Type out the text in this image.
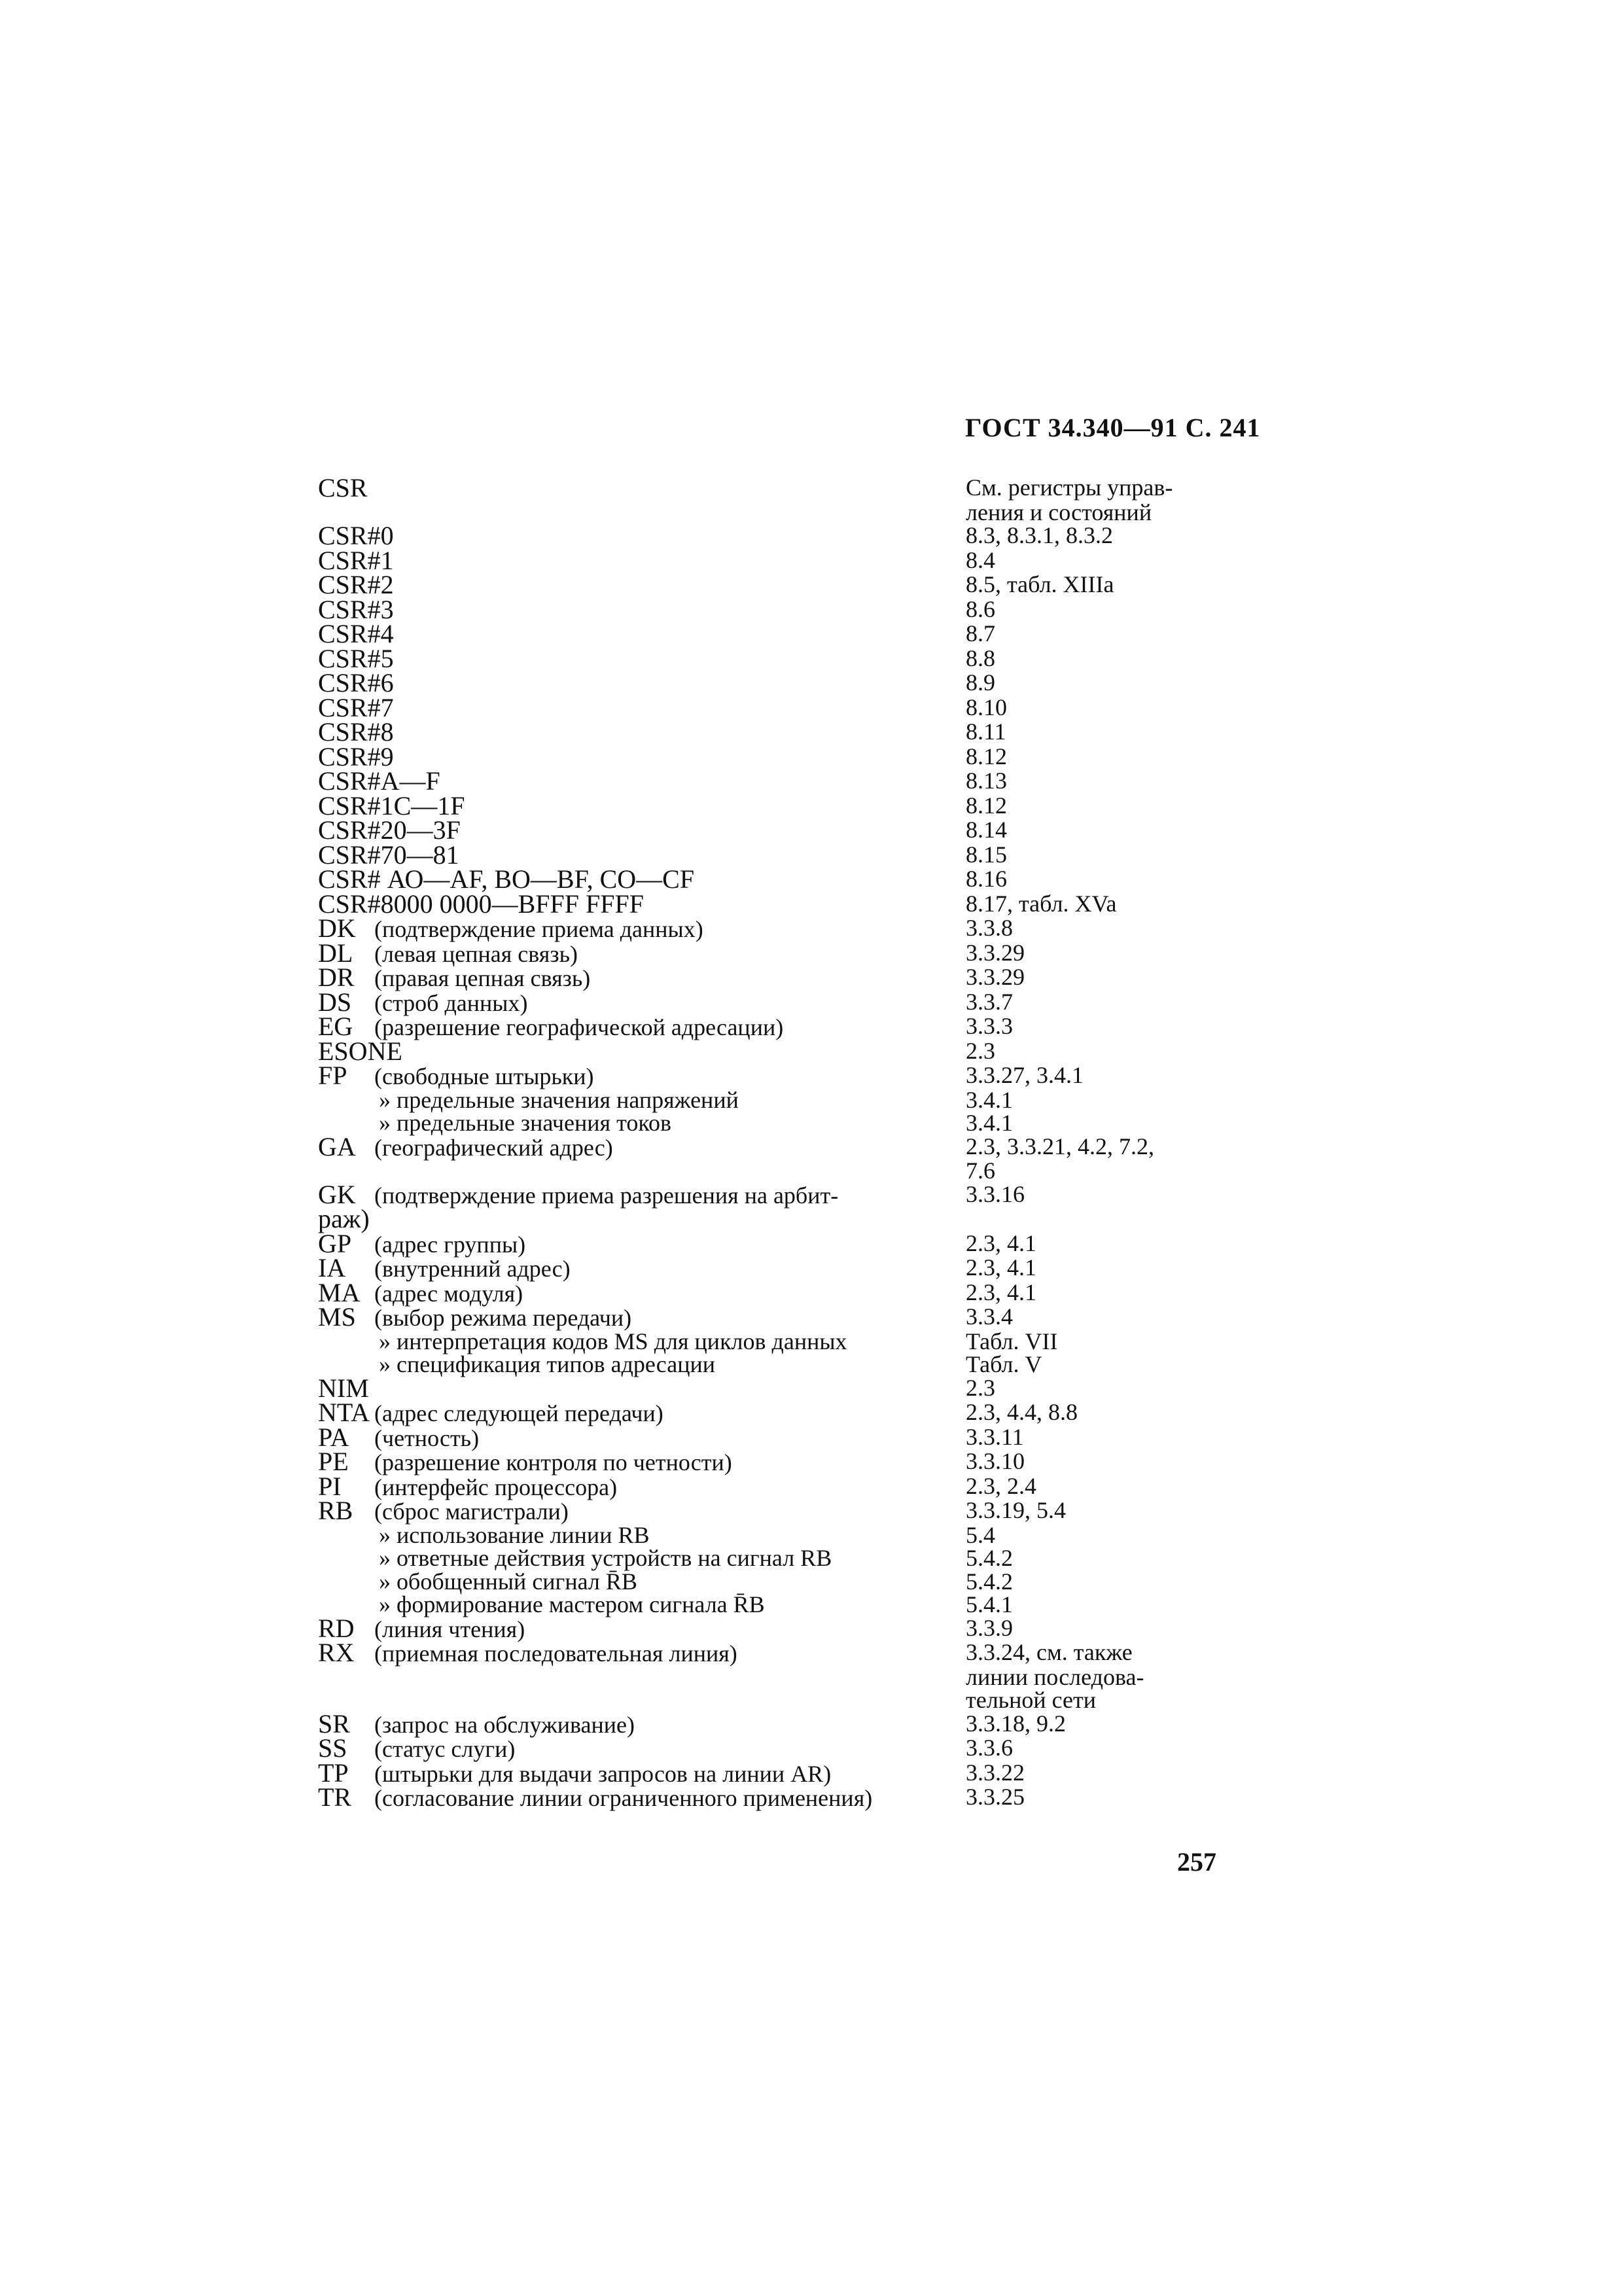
ГОСТ 34.340—91 С. 241
CSR	См. регистры управ-
ления и состояний
CSR#0	8.3, 8.3.1, 8.3.2
CSR#1	8.4
CSR#2	8.5, табл. XIIIа
CSR#3	8.6
CSR#4	8.7
CSR#5	8.8
CSR#6	8.9
CSR#7	8.10
CSR#8	8.11
CSR#9	8.12
CSR#A—F	8.13
CSR#1C—1F	8.12
CSR#20—3F	8.14
CSR#70—81	8.15
CSR# АО—AF, ВО—BF, СО—CF	8.16
CSR#8000 0000—BFFF FFFF	8.17, табл. XVa
DK (подтверждение приема данных)	3.3.8
DL (левая цепная связь)	3.3.29
DR (правая цепная связь)	3.3.29
DS (строб данных)	3.3.7
EG (разрешение географической адресации)	3.3.3
ESONE	2.3
FP (свободные штырьки)	3.3.27, 3.4.1
» предельные значения напряжений	3.4.1
» предельные значения токов	3.4.1
GA (географический адрес)	2.3, 3.3.21, 4.2, 7.2,
7.6
GK (подтверждение приема разрешения на арбит-	3.3.16
раж)
GP (адрес группы)	2.3, 4.1
IA (внутренний адрес)	2.3, 4.1
MA (адрес модуля)	2.3, 4.1
MS (выбор режима передачи)	3.3.4
» интерпретация кодов MS для циклов данных	Табл. VII
» спецификация типов адресации	Табл. V
NIM	2.3
NTA (адрес следующей передачи)	2.3, 4.4, 8.8
PA (четность)	3.3.11
PE (разрешение контроля по четности)	3.3.10
PI (интерфейс процессора)	2.3, 2.4
RB (сброс магистрали)	3.3.19, 5.4
» использование линии RB	5.4
» ответные действия устройств на сигнал RB	5.4.2
» обобщенный сигнал R̄B	5.4.2
» формирование мастером сигнала R̄B	5.4.1
RD (линия чтения)	3.3.9
RX (приемная последовательная линия)	3.3.24, см. также
линии последова-
тельной сети
SR (запрос на обслуживание)	3.3.18, 9.2
SS (статус слуги)	3.3.6
TP (штырьки для выдачи запросов на линии AR)	3.3.22
TR (согласование линии ограниченного применения)	3.3.25
257
